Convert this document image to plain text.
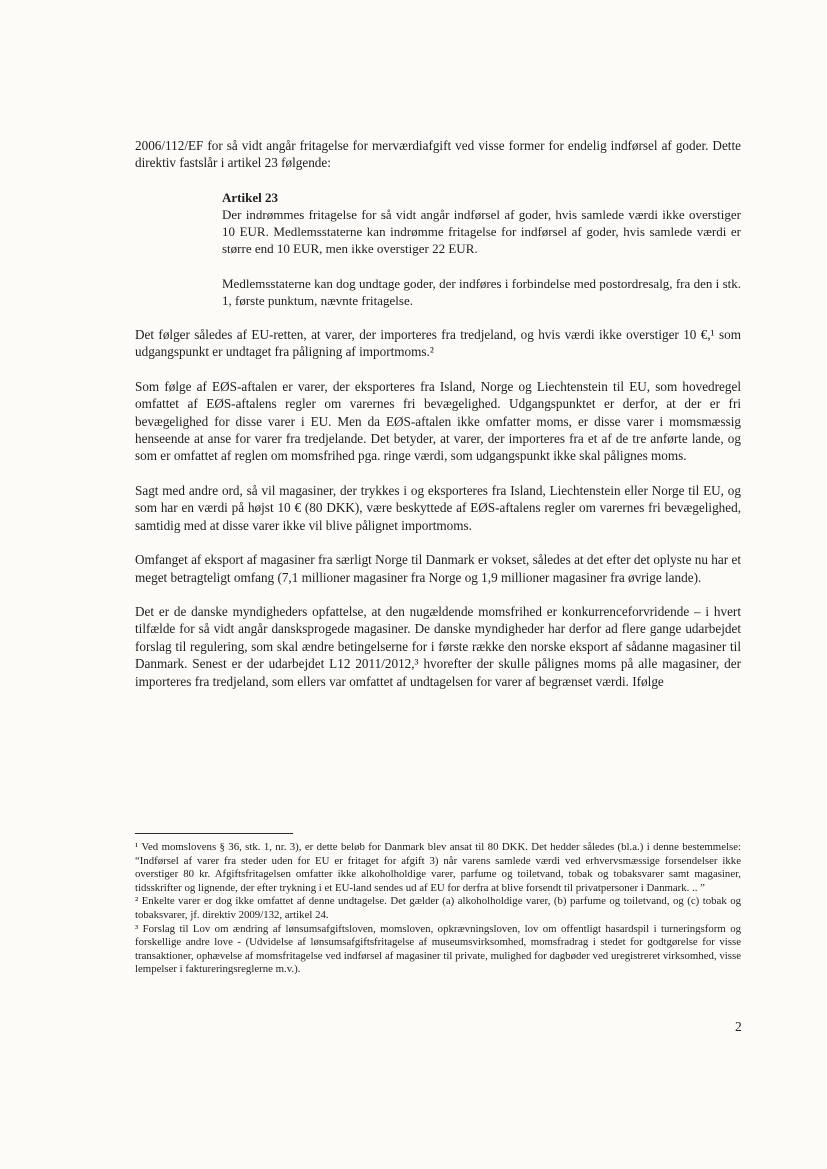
2006/112/EF for så vidt angår fritagelse for merværdiafgift ved visse former for endelig indførsel af goder. Dette direktiv fastslår i artikel 23 følgende:

Artikel 23

Der indrømmes fritagelse for så vidt angår indførsel af goder, hvis samlede værdi ikke overstiger 10 EUR. Medlemsstaterne kan indrømme fritagelse for indførsel af goder, hvis samlede værdi er større end 10 EUR, men ikke overstiger 22 EUR.

Medlemsstaterne kan dog undtage goder, der indføres i forbindelse med postordresalg, fra den i stk. 1, første punktum, nævnte fritagelse.

Det følger således af EU-retten, at varer, der importeres fra tredjeland, og hvis værdi ikke overstiger 10 €,¹ som udgangspunkt er undtaget fra påligning af importmoms.²

Som følge af EØS-aftalen er varer, der eksporteres fra Island, Norge og Liechtenstein til EU, som hovedregel omfattet af EØS-aftalens regler om varernes fri bevægelighed. Udgangspunktet er derfor, at der er fri bevægelighed for disse varer i EU. Men da EØS-aftalen ikke omfatter moms, er disse varer i momsmæssig henseende at anse for varer fra tredjelande. Det betyder, at varer, der importeres fra et af de tre anførte lande, og som er omfattet af reglen om momsfrihed pga. ringe værdi, som udgangspunkt ikke skal pålignes moms.

Sagt med andre ord, så vil magasiner, der trykkes i og eksporteres fra Island, Liechtenstein eller Norge til EU, og som har en værdi på højst 10 € (80 DKK), være beskyttede af EØS-aftalens regler om varernes fri bevægelighed, samtidig med at disse varer ikke vil blive pålignet importmoms.

Omfanget af eksport af magasiner fra særligt Norge til Danmark er vokset, således at det efter det oplyste nu har et meget betragteligt omfang (7,1 millioner magasiner fra Norge og 1,9 millioner magasiner fra øvrige lande).

Det er de danske myndigheders opfattelse, at den nugældende momsfrihed er konkurrenceforvridende – i hvert tilfælde for så vidt angår dansksprogede magasiner. De danske myndigheder har derfor ad flere gange udarbejdet forslag til regulering, som skal ændre betingelserne for i første række den norske eksport af sådanne magasiner til Danmark. Senest er der udarbejdet L12 2011/2012,³ hvorefter der skulle pålignes moms på alle magasiner, der importeres fra tredjeland, som ellers var omfattet af undtagelsen for varer af begrænset værdi. Ifølge

¹ Ved momslovens § 36, stk. 1, nr. 3), er dette beløb for Danmark blev ansat til 80 DKK. Det hedder således (bl.a.) i denne bestemmelse: “Indførsel af varer fra steder uden for EU er fritaget for afgift 3) når varens samlede værdi ved erhvervsmæssige forsendelser ikke overstiger 80 kr. Afgiftsfritagelsen omfatter ikke alkoholholdige varer, parfume og toiletvand, tobak og tobaksvarer samt magasiner, tidsskrifter og lignende, der efter trykning i et EU-land sendes ud af EU for derfra at blive forsendt til privatpersoner i Danmark. .. ”

² Enkelte varer er dog ikke omfattet af denne undtagelse. Det gælder (a) alkoholholdige varer, (b) parfume og toiletvand, og (c) tobak og tobaksvarer, jf. direktiv 2009/132, artikel 24.

³ Forslag til Lov om ændring af lønsumsafgiftsloven, momsloven, opkrævningsloven, lov om offentligt hasardspil i turneringsform og forskellige andre love - (Udvidelse af lønsumsafgiftsfritagelse af museumsvirksomhed, momsfradrag i stedet for godtgørelse for visse transaktioner, ophævelse af momsfritagelse ved indførsel af magasiner til private, mulighed for dagbøder ved uregistreret virksomhed, visse lempelser i faktureringsreglerne m.v.).

2
